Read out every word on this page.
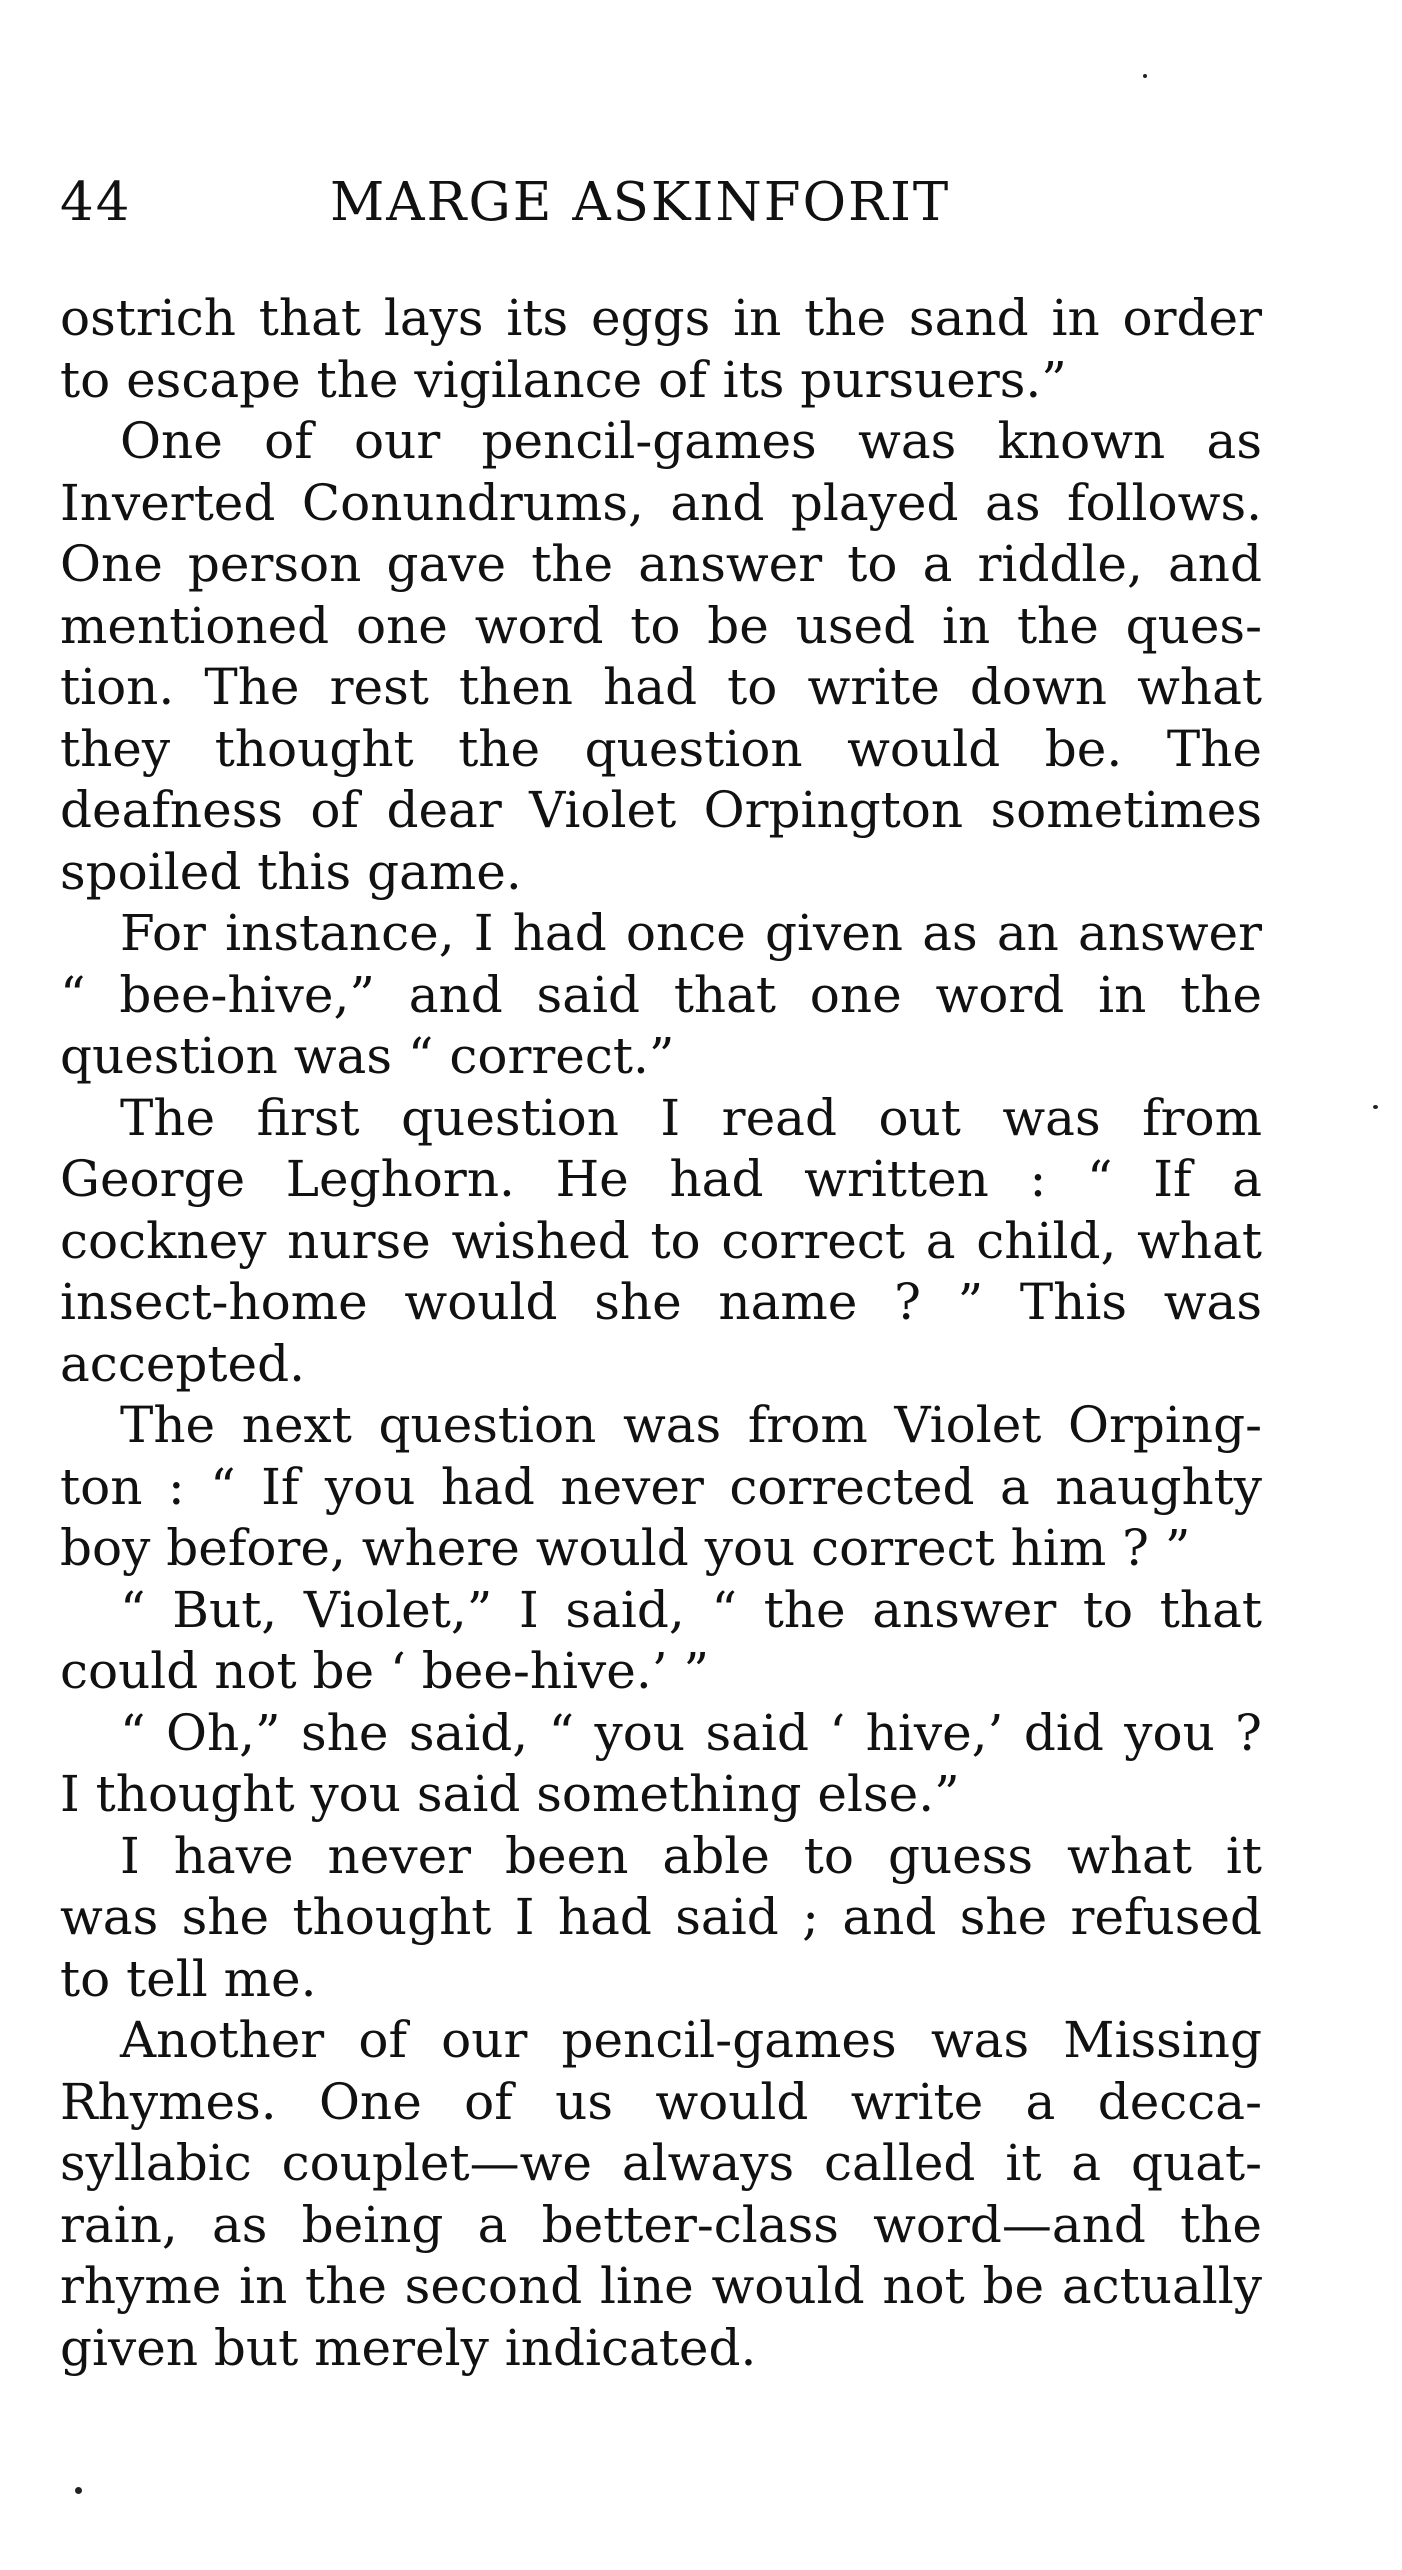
44	MARGE ASKINFORIT
ostrich that lays its eggs in the sand in order
to escape the vigilance of its pursuers.”
One of our pencil-games was known as
Inverted Conundrums, and played as follows.
One person gave the answer to a riddle, and
mentioned one word to be used in the ques-
tion. The rest then had to write down what
they thought the question would be. The
deafness of dear Violet Orpington sometimes
spoiled this game.
For instance, I had once given as an answer
“ bee-hive,” and said that one word in the
question was “ correct.”
The first question I read out was from
George Leghorn. He had written : “ If a
cockney nurse wished to correct a child, what
insect-home would she name ? ” This was
accepted.
The next question was from Violet Orping-
ton : “ If you had never corrected a naughty
boy before, where would you correct him ? ”
“ But, Violet,” I said, “ the answer to that
could not be ‘ bee-hive.’ ”
“ Oh,” she said, “ you said ‘ hive,’ did you ?
I thought you said something else.”
I have never been able to guess what it
was she thought I had said ; and she refused
to tell me.
Another of our pencil-games was Missing
Rhymes. One of us would write a decca-
syllabic couplet—we always called it a quat-
rain, as being a better-class word—and the
rhyme in the second line would not be actually
given but merely indicated.
